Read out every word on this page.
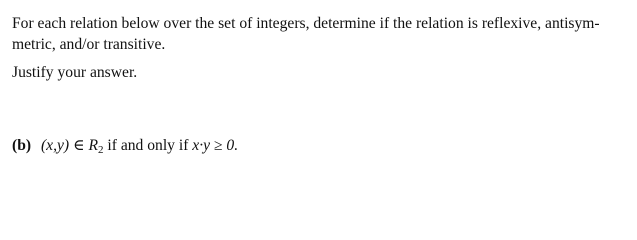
For each relation below over the set of integers, determine if the relation is reflexive, antisym-
metric, and/or transitive.
Justify your answer.
(b) (x,y) ∈ $R_2$ if and only if x·y ≥ 0.
